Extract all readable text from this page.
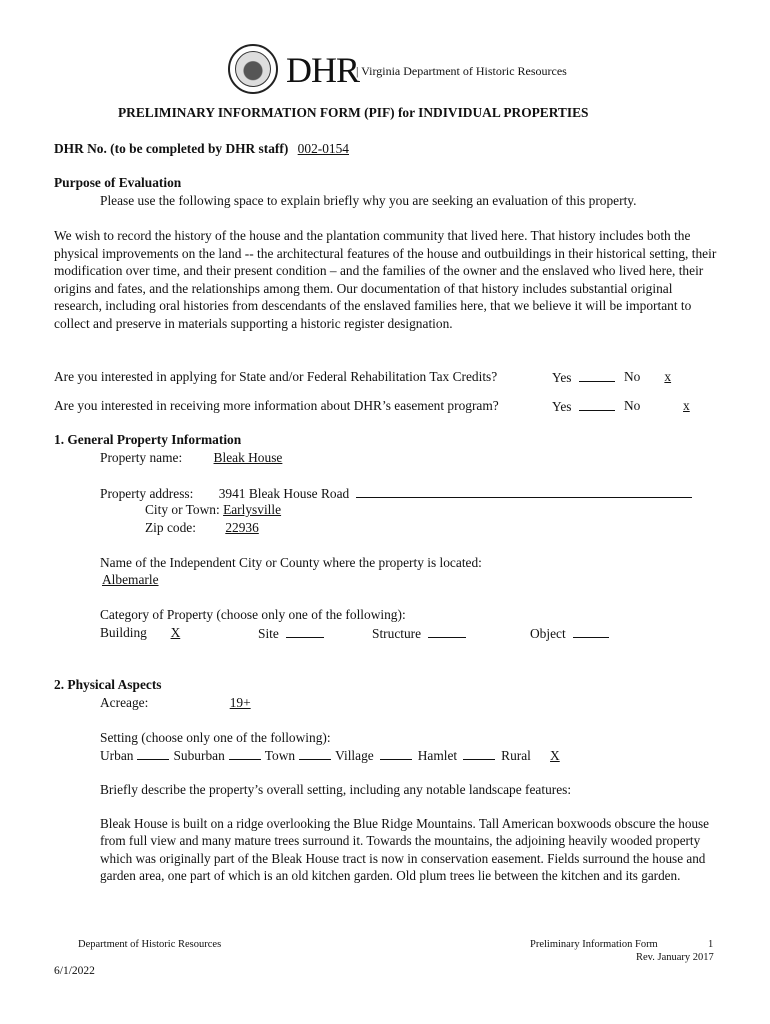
DHR
| Virginia Department of Historic Resources
PRELIMINARY INFORMATION FORM (PIF) for INDIVIDUAL PROPERTIES
DHR No. (to be completed by DHR staff) 002-0154
Purpose of Evaluation
Please use the following space to explain briefly why you are seeking an evaluation of this property.
We wish to record the history of the house and the plantation community that lived here. That history includes both the physical improvements on the land -- the architectural features of the house and outbuildings in their historical setting, their modification over time, and their present condition – and the families of the owner and the enslaved who lived here, their origins and fates, and the relationships among them. Our documentation of that history includes substantial original research, including oral histories from descendants of the enslaved families here, that we believe it will be important to collect and preserve in materials supporting a historic register designation.
Are you interested in applying for State and/or Federal Rehabilitation Tax Credits?	Yes	No x
Are you interested in receiving more information about DHR’s easement program?	Yes	No	x
1. General Property Information
Property name: Bleak House
Property address: 3941 Bleak House Road
City or Town: Earlysville
Zip code: 22936
Name of the Independent City or County where the property is located:
Albemarle
Category of Property (choose only one of the following):
Building X	Site	Structure	Object
2. Physical Aspects
Acreage:	19+
Setting (choose only one of the following):
Urban	Suburban	Town	Village	Hamlet	Rural X
Briefly describe the property’s overall setting, including any notable landscape features:
Bleak House is built on a ridge overlooking the Blue Ridge Mountains. Tall American boxwoods obscure the house from full view and many mature trees surround it. Towards the mountains, the adjoining heavily wooded property which was originally part of the Bleak House tract is now in conservation easement. Fields surround the house and garden area, one part of which is an old kitchen garden. Old plum trees lie between the kitchen and its garden.
Department of Historic Resources	Preliminary Information Form	1
Rev. January 2017
6/1/2022
